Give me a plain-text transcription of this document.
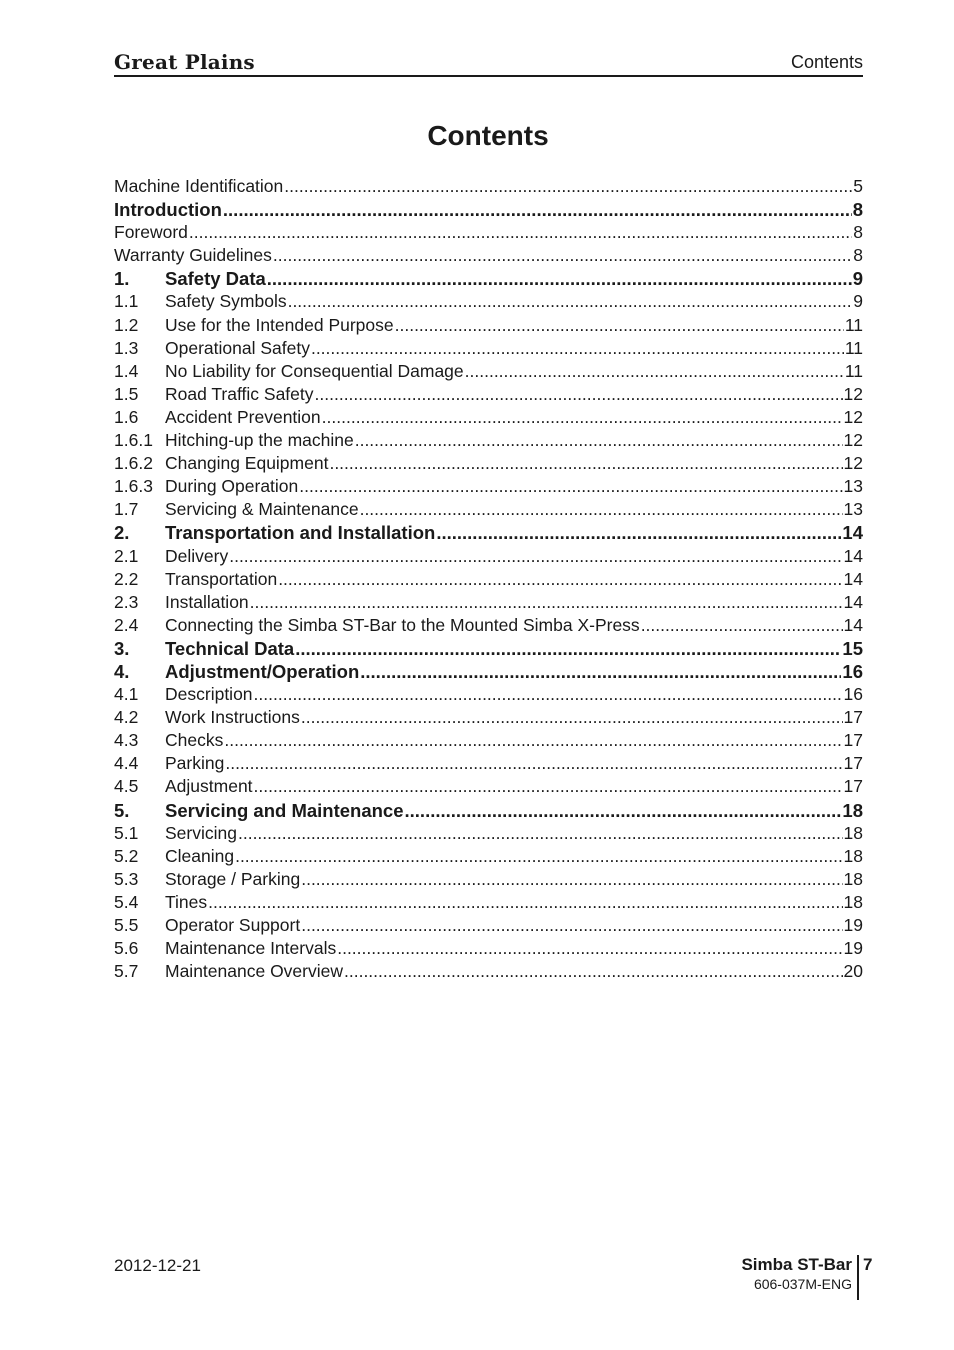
Great Plains	Contents
Contents
Machine Identification .....	5
Introduction .....	8
Foreword .....	8
Warranty Guidelines .....	8
1.	Safety Data .....	9
1.1	Safety Symbols .....	9
1.2	Use for the Intended Purpose .....	11
1.3	Operational Safety .....	11
1.4	No Liability for Consequential Damage .....	11
1.5	Road Traffic Safety .....	12
1.6	Accident Prevention .....	12
1.6.1 Hitching-up the machine .....	12
1.6.2 Changing Equipment .....	12
1.6.3 During Operation .....	13
1.7	Servicing & Maintenance .....	13
2.	Transportation and Installation .....	14
2.1	Delivery .....	14
2.2	Transportation .....	14
2.3	Installation .....	14
2.4	Connecting the Simba ST-Bar to the Mounted Simba X-Press .....	14
3.	Technical Data .....	15
4.	Adjustment/Operation .....	16
4.1	Description .....	16
4.2	Work Instructions .....	17
4.3	Checks .....	17
4.4	Parking .....	17
4.5	Adjustment .....	17
5.	Servicing and Maintenance .....	18
5.1	Servicing .....	18
5.2	Cleaning .....	18
5.3	Storage / Parking .....	18
5.4	Tines .....	18
5.5	Operator Support .....	19
5.6	Maintenance Intervals .....	19
5.7	Maintenance Overview .....	20
2012-12-21	Simba ST-Bar
606-037M-ENG
7
